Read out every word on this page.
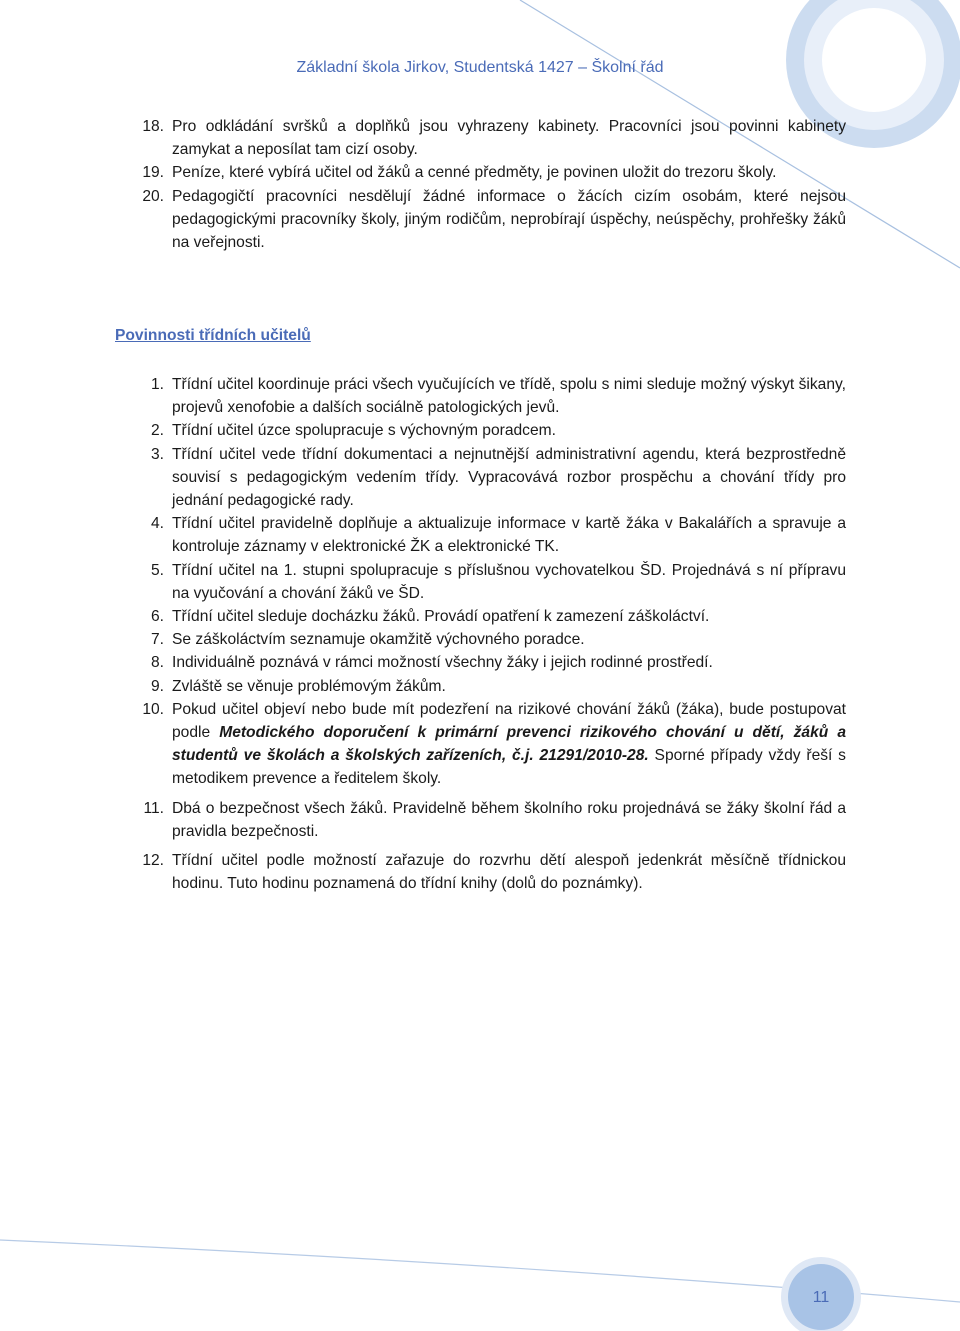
Základní škola Jirkov, Studentská 1427 – Školní řád
18. Pro odkládání svršků a doplňků jsou vyhrazeny kabinety. Pracovníci jsou povinni kabinety zamykat a neposílat tam cizí osoby.
19. Peníze, které vybírá učitel od žáků a cenné předměty, je povinen uložit do trezoru školy.
20. Pedagogičtí pracovníci nesdělují žádné informace o žácích cizím osobám, které nejsou pedagogickými pracovníky školy, jiným rodičům, neprobírají úspěchy, neúspěchy, prohřešky žáků na veřejnosti.
Povinnosti třídních učitelů
1. Třídní učitel koordinuje práci všech vyučujících ve třídě, spolu s nimi sleduje možný výskyt šikany, projevů xenofobie a dalších sociálně patologických jevů.
2. Třídní učitel úzce spolupracuje s výchovným poradcem.
3. Třídní učitel vede třídní dokumentaci a nejnutnější administrativní agendu, která bezprostředně souvisí s pedagogickým vedením třídy. Vypracovává rozbor prospěchu a chování třídy pro jednání pedagogické rady.
4. Třídní učitel pravidelně doplňuje a aktualizuje informace v kartě žáka v Bakalářích a spravuje a kontroluje záznamy v elektronické ŽK a elektronické TK.
5. Třídní učitel na 1. stupni spolupracuje s příslušnou vychovatelkou ŠD. Projednává s ní přípravu na vyučování a chování žáků ve ŠD.
6. Třídní učitel sleduje docházku žáků. Provádí opatření k zamezení záškoláctví.
7. Se záškoláctvím seznamuje okamžitě výchovného poradce.
8. Individuálně poznává v rámci možností všechny žáky i jejich rodinné prostředí.
9. Zvláště se věnuje problémovým žákům.
10. Pokud učitel objeví nebo bude mít podezření na rizikové chování žáků (žáka), bude postupovat podle Metodického doporučení k primární prevenci rizikového chování u dětí, žáků a studentů ve školách a školských zařízeních, č.j. 21291/2010-28. Sporné případy vždy řeší s metodikem prevence a ředitelem školy.
11. Dbá o bezpečnost všech žáků. Pravidelně během školního roku projednává se žáky školní řád a pravidla bezpečnosti.
12. Třídní učitel podle možností zařazuje do rozvrhu dětí alespoň jedenkrát měsíčně třídnickou hodinu. Tuto hodinu poznamená do třídní knihy (dolů do poznámky).
11
